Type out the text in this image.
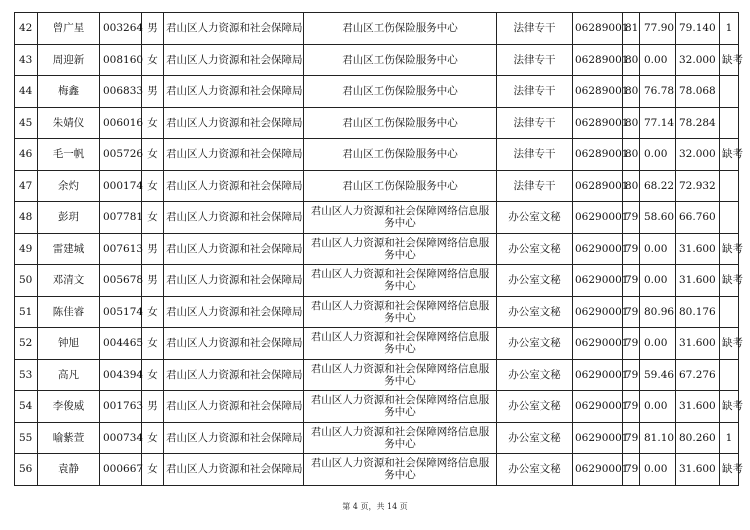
42	曾广星	003264	男	君山区人力资源和社会保障局	君山区工伤保险服务中心	法律专干	06289001	81	77.90	79.140	1
43	周迎新	008160	女	君山区人力资源和社会保障局	君山区工伤保险服务中心	法律专干	06289001	80	0.00	32.000	缺考
44	梅鑫	006833	男	君山区人力资源和社会保障局	君山区工伤保险服务中心	法律专干	06289001	80	76.78	78.068	
45	朱婧仪	006016	女	君山区人力资源和社会保障局	君山区工伤保险服务中心	法律专干	06289001	80	77.14	78.284	
46	毛一帆	005726	女	君山区人力资源和社会保障局	君山区工伤保险服务中心	法律专干	06289001	80	0.00	32.000	缺考
47	余灼	000174	女	君山区人力资源和社会保障局	君山区工伤保险服务中心	法律专干	06289001	80	68.22	72.932	
48	彭玥	007781	女	君山区人力资源和社会保障局	君山区人力资源和社会保障网络信息服务中心	办公室文秘	06290001	79	58.60	66.760	
49	雷建城	007613	男	君山区人力资源和社会保障局	君山区人力资源和社会保障网络信息服务中心	办公室文秘	06290001	79	0.00	31.600	缺考
50	邓清文	005678	男	君山区人力资源和社会保障局	君山区人力资源和社会保障网络信息服务中心	办公室文秘	06290001	79	0.00	31.600	缺考
51	陈佳睿	005174	女	君山区人力资源和社会保障局	君山区人力资源和社会保障网络信息服务中心	办公室文秘	06290001	79	80.96	80.176	
52	钟旭	004465	女	君山区人力资源和社会保障局	君山区人力资源和社会保障网络信息服务中心	办公室文秘	06290001	79	0.00	31.600	缺考
53	高凡	004394	女	君山区人力资源和社会保障局	君山区人力资源和社会保障网络信息服务中心	办公室文秘	06290001	79	59.46	67.276	
54	李俊威	001763	男	君山区人力资源和社会保障局	君山区人力资源和社会保障网络信息服务中心	办公室文秘	06290001	79	0.00	31.600	缺考
55	喻紫萱	000734	女	君山区人力资源和社会保障局	君山区人力资源和社会保障网络信息服务中心	办公室文秘	06290001	79	81.10	80.260	1
56	袁静	000667	女	君山区人力资源和社会保障局	君山区人力资源和社会保障网络信息服务中心	办公室文秘	06290001	79	0.00	31.600	缺考
第 4 页，共 14 页
